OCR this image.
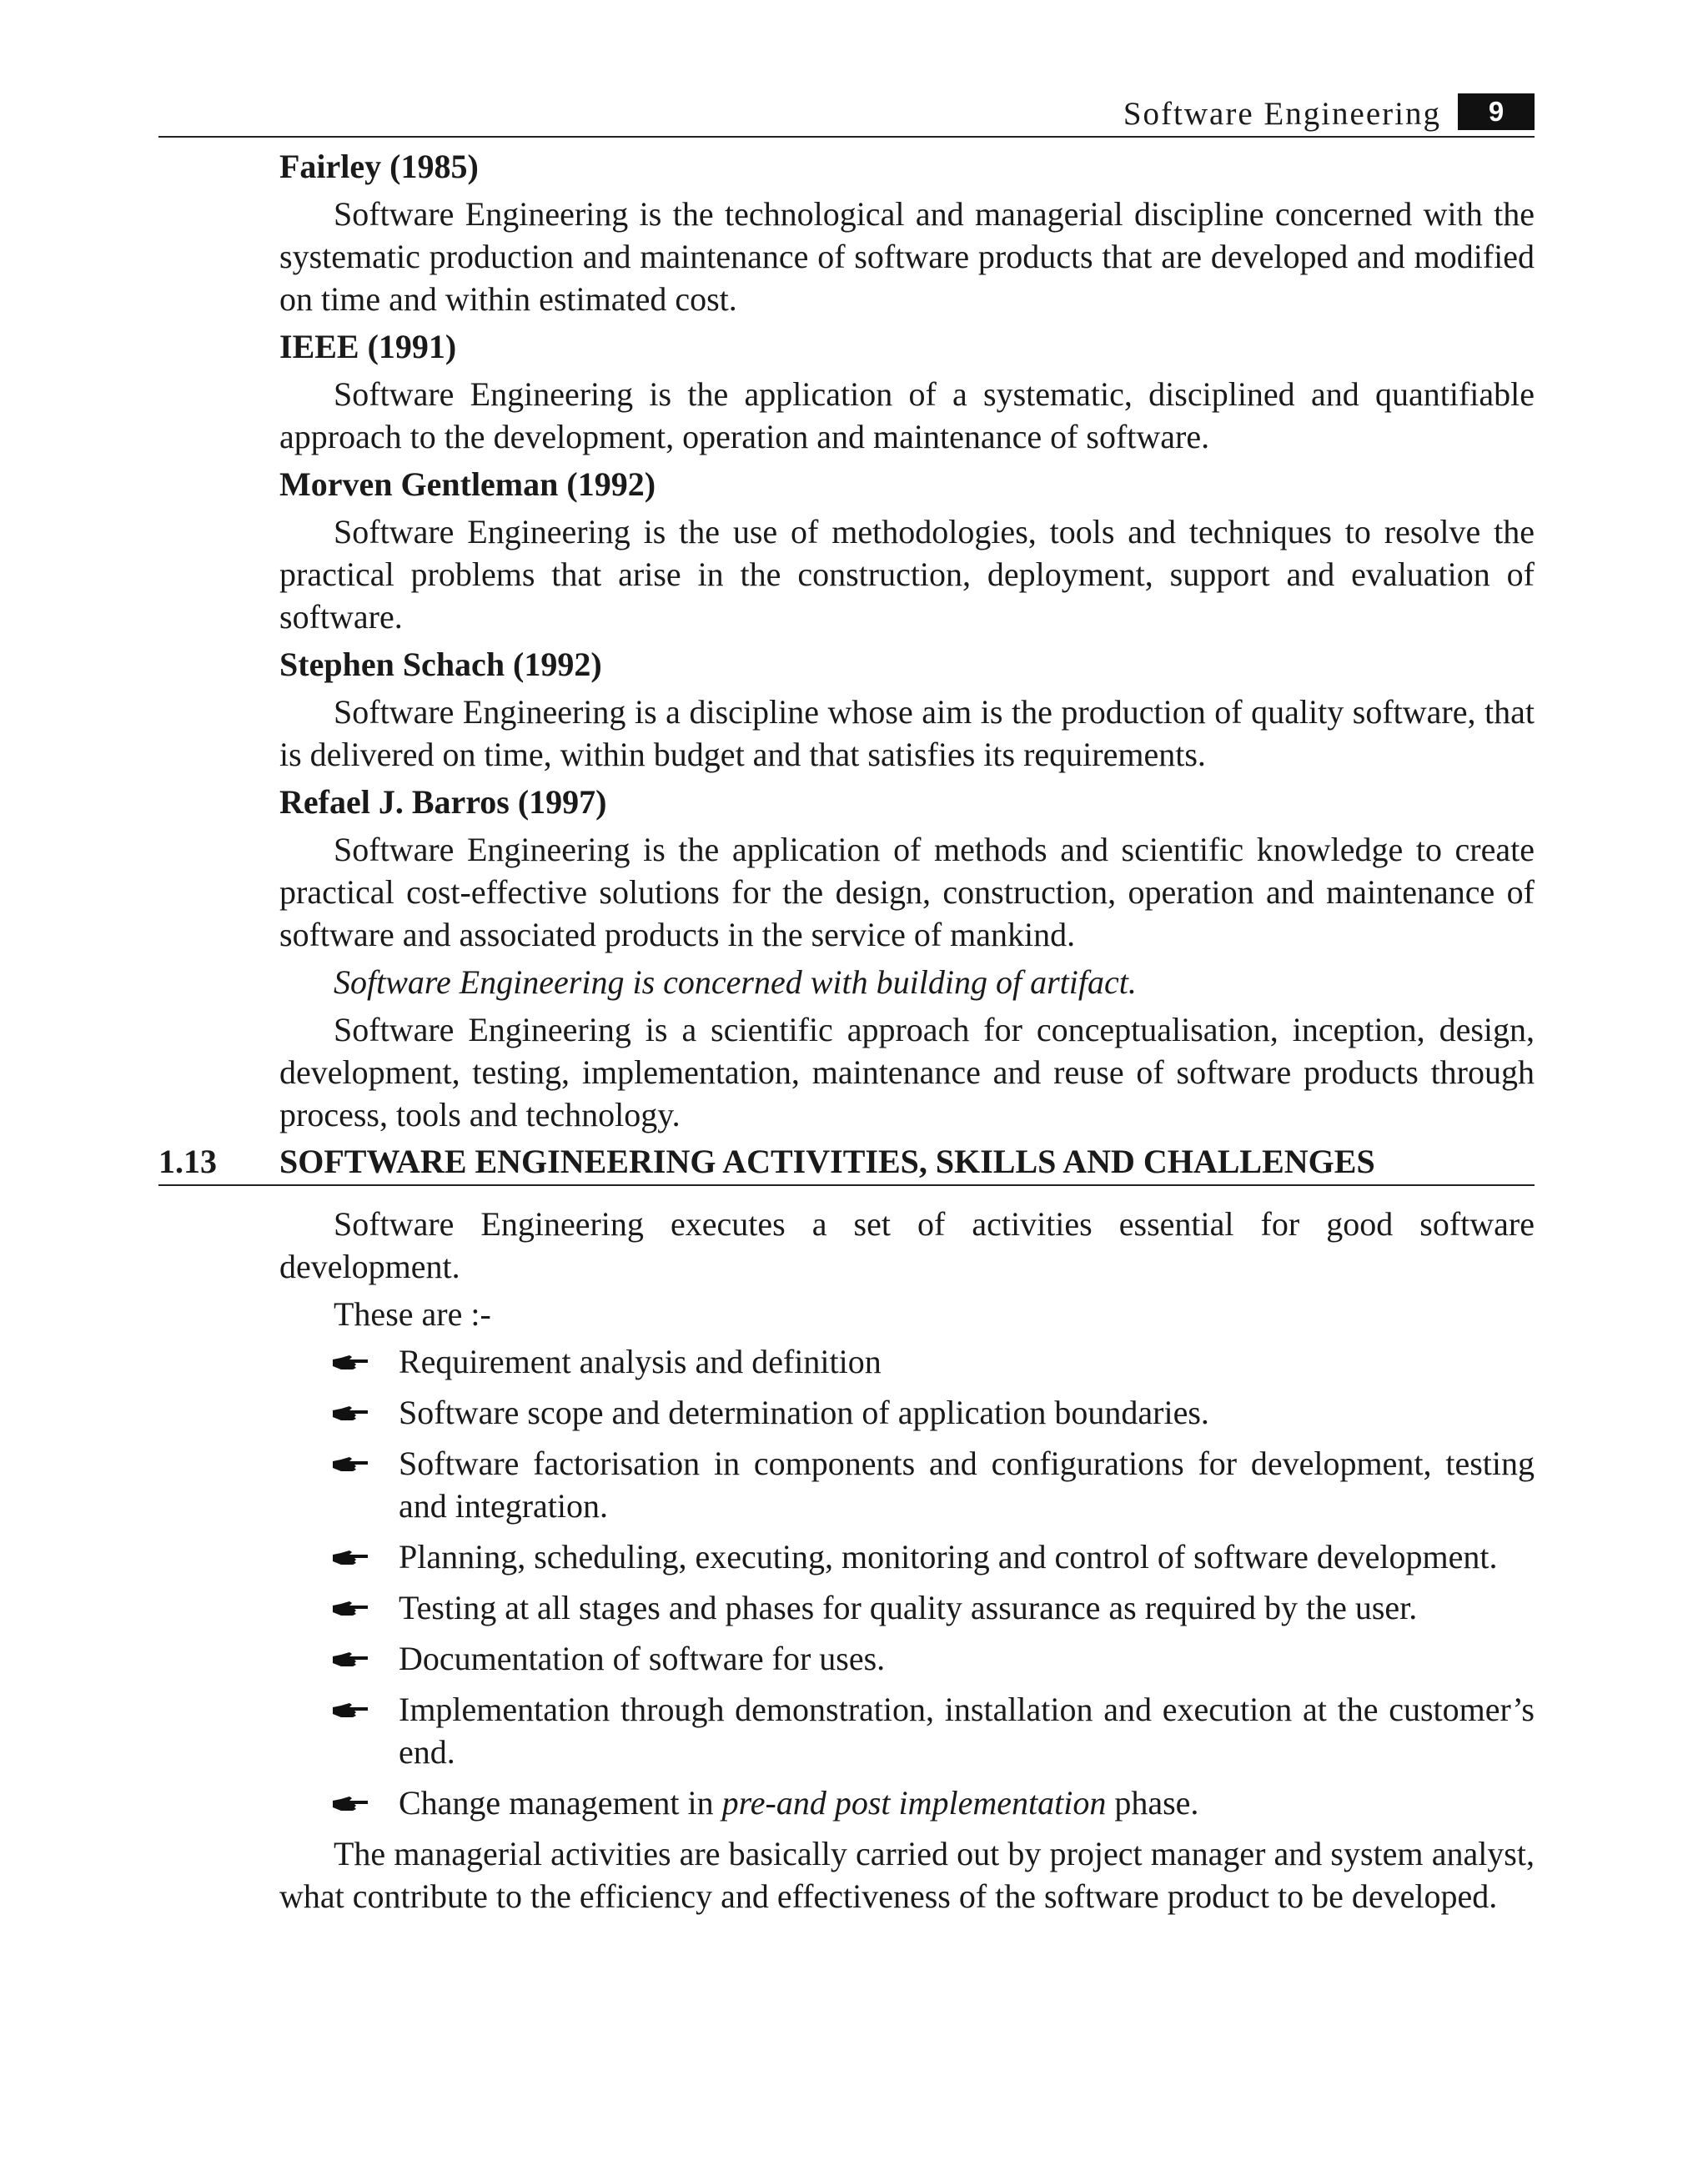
Software Engineering	9
Fairley (1985)

Software Engineering is the technological and managerial discipline concerned with the systematic production and maintenance of software products that are developed and modified on time and within estimated cost.

IEEE (1991)

Software Engineering is the application of a systematic, disciplined and quantifiable approach to the development, operation and maintenance of software.

Morven Gentleman (1992)

Software Engineering is the use of methodologies, tools and techniques to resolve the practical problems that arise in the construction, deployment, support and evaluation of software.

Stephen Schach (1992)

Software Engineering is a discipline whose aim is the production of quality software, that is delivered on time, within budget and that satisfies its requirements.

Refael J. Barros (1997)

Software Engineering is the application of methods and scientific knowledge to create practical cost-effective solutions for the design, construction, operation and maintenance of software and associated products in the service of mankind.

Software Engineering is concerned with building of artifact.

Software Engineering is a scientific approach for conceptualisation, inception, design, development, testing, implementation, maintenance and reuse of software products through process, tools and technology.

1.13 SOFTWARE ENGINEERING ACTIVITIES, SKILLS AND CHALLENGES

Software Engineering executes a set of activities essential for good software development.

These are :-

Requirement analysis and definition
Software scope and determination of application boundaries.
Software factorisation in components and configurations for development, testing and integration.
Planning, scheduling, executing, monitoring and control of software development.
Testing at all stages and phases for quality assurance as required by the user.
Documentation of software for uses.
Implementation through demonstration, installation and execution at the customer’s end.
Change management in pre-and post implementation phase.

The managerial activities are basically carried out by project manager and system analyst, what contribute to the efficiency and effectiveness of the software product to be developed.
